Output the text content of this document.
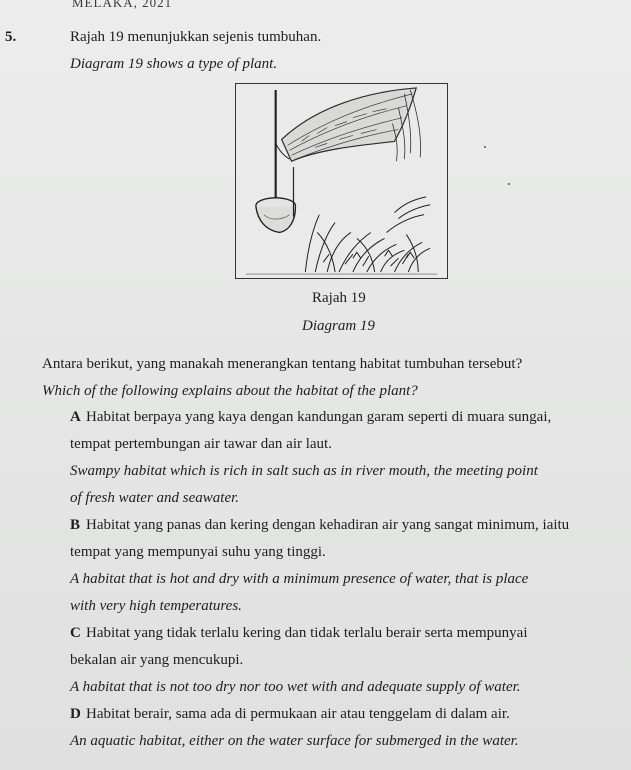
MELAKA, 2021
5.	Rajah 19 menunjukkan sejenis tumbuhan.
Diagram 19 shows a type of plant.
Rajah 19
Diagram 19
Antara berikut, yang manakah menerangkan tentang habitat tumbuhan tersebut?
Which of the following explains about the habitat of the plant?
A Habitat berpaya yang kaya dengan kandungan garam seperti di muara sungai,
tempat pertembungan air tawar dan air laut.
Swampy habitat which is rich in salt such as in river mouth, the meeting point
of fresh water and seawater.
B Habitat yang panas dan kering dengan kehadiran air yang sangat minimum, iaitu
tempat yang mempunyai suhu yang tinggi.
A habitat that is hot and dry with a minimum presence of water, that is place
with very high temperatures.
C Habitat yang tidak terlalu kering dan tidak terlalu berair serta mempunyai
bekalan air yang mencukupi.
A habitat that is not too dry nor too wet with and adequate supply of water.
D Habitat berair, sama ada di permukaan air atau tenggelam di dalam air.
An aquatic habitat, either on the water surface for submerged in the water.
